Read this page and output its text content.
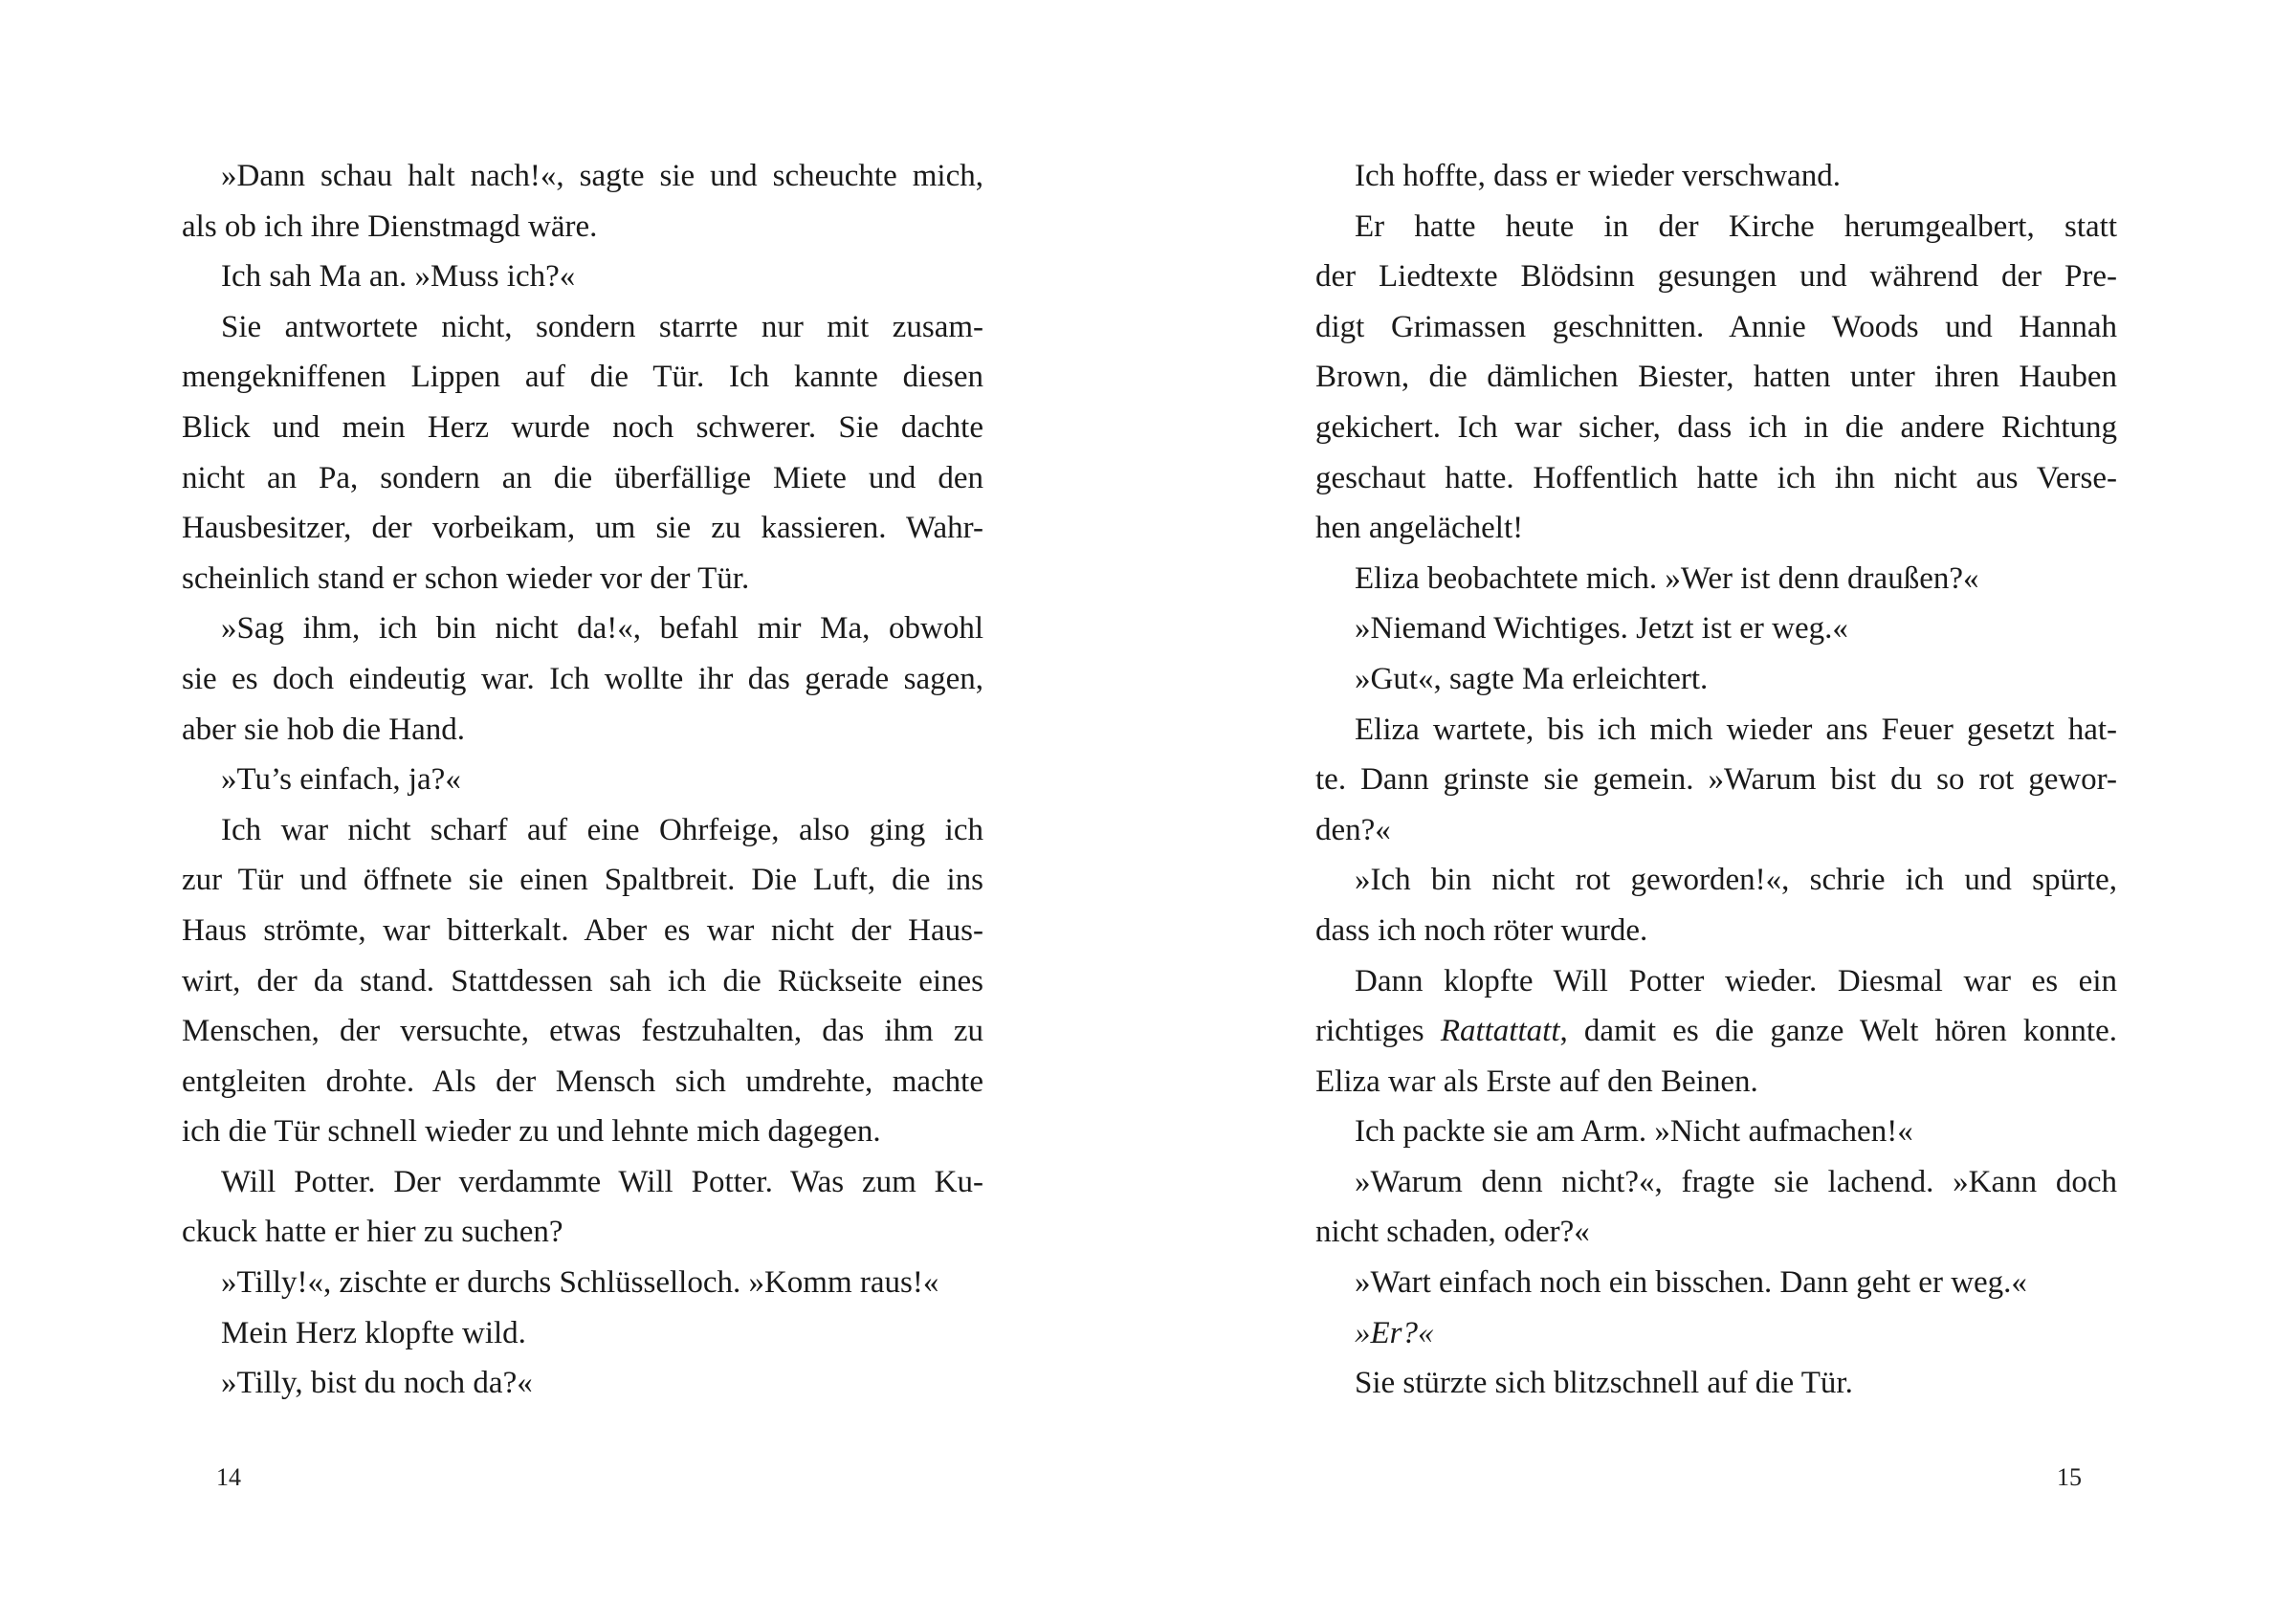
»Dann schau halt nach!«, sagte sie und scheuchte mich,
als ob ich ihre Dienstmagd wäre.
Ich sah Ma an. »Muss ich?«
Sie antwortete nicht, sondern starrte nur mit zusam-
mengekniffenen Lippen auf die Tür. Ich kannte diesen
Blick und mein Herz wurde noch schwerer. Sie dachte
nicht an Pa, sondern an die überfällige Miete und den
Hausbesitzer, der vorbeikam, um sie zu kassieren. Wahr-
scheinlich stand er schon wieder vor der Tür.
»Sag ihm, ich bin nicht da!«, befahl mir Ma, obwohl
sie es doch eindeutig war. Ich wollte ihr das gerade sagen,
aber sie hob die Hand.
»Tu’s einfach, ja?«
Ich war nicht scharf auf eine Ohrfeige, also ging ich
zur Tür und öffnete sie einen Spaltbreit. Die Luft, die ins
Haus strömte, war bitterkalt. Aber es war nicht der Haus-
wirt, der da stand. Stattdessen sah ich die Rückseite eines
Menschen, der versuchte, etwas festzuhalten, das ihm zu
entgleiten drohte. Als der Mensch sich umdrehte, machte
ich die Tür schnell wieder zu und lehnte mich dagegen.
Will Potter. Der verdammte Will Potter. Was zum Ku-
ckuck hatte er hier zu suchen?
»Tilly!«, zischte er durchs Schlüsselloch. »Komm raus!«
Mein Herz klopfte wild.
»Tilly, bist du noch da?«
Ich hoffte, dass er wieder verschwand.
Er hatte heute in der Kirche herumgealbert, statt
der Liedtexte Blödsinn gesungen und während der Pre-
digt Grimassen geschnitten. Annie Woods und Hannah
Brown, die dämlichen Biester, hatten unter ihren Hauben
gekichert. Ich war sicher, dass ich in die andere Richtung
geschaut hatte. Hoffentlich hatte ich ihn nicht aus Verse-
hen angelächelt!
Eliza beobachtete mich. »Wer ist denn draußen?«
»Niemand Wichtiges. Jetzt ist er weg.«
»Gut«, sagte Ma erleichtert.
Eliza wartete, bis ich mich wieder ans Feuer gesetzt hat-
te. Dann grinste sie gemein. »Warum bist du so rot gewor-
den?«
»Ich bin nicht rot geworden!«, schrie ich und spürte,
dass ich noch röter wurde.
Dann klopfte Will Potter wieder. Diesmal war es ein
richtiges Rattattatt, damit es die ganze Welt hören konnte.
Eliza war als Erste auf den Beinen.
Ich packte sie am Arm. »Nicht aufmachen!«
»Warum denn nicht?«, fragte sie lachend. »Kann doch
nicht schaden, oder?«
»Wart einfach noch ein bisschen. Dann geht er weg.«
»Er?«
Sie stürzte sich blitzschnell auf die Tür.
14	15
